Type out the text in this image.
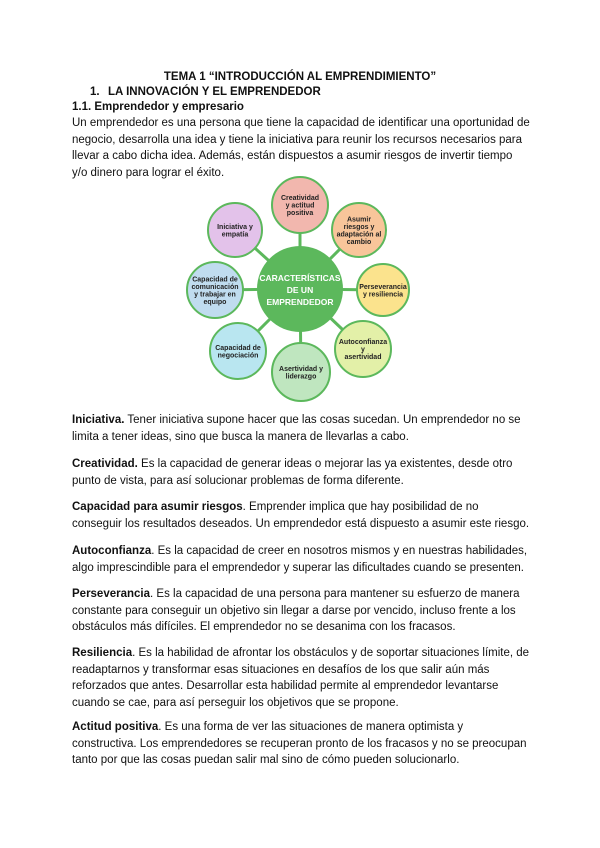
TEMA 1 “INTRODUCCIÓN AL EMPRENDIMIENTO”
1. LA INNOVACIÓN Y EL EMPRENDEDOR
1.1. Emprendedor y empresario

Un emprendedor es una persona que tiene la capacidad de identificar una oportunidad de negocio, desarrolla una idea y tiene la iniciativa para reunir los recursos necesarios para llevar a cabo dicha idea. Además, están dispuestos a asumir riesgos de invertir tiempo y/o dinero para lograr el éxito.

CARACTERÍSTICAS
DE UN
EMPRENDEDOR
Creatividad
y actitud
positiva
Asumir
riesgos y
adaptación al
cambio
Perseverancia
y resiliencia
Autoconfianza
y
asertividad
Asertividad y
liderazgo
Capacidad de
negociación
Capacidad de
comunicación
y trabajar en
equipo
Iniciativa y
empatía

Iniciativa. Tener iniciativa supone hacer que las cosas sucedan. Un emprendedor no se limita a tener ideas, sino que busca la manera de llevarlas a cabo.

Creatividad. Es la capacidad de generar ideas o mejorar las ya existentes, desde otro punto de vista, para así solucionar problemas de forma diferente.

Capacidad para asumir riesgos. Emprender implica que hay posibilidad de no conseguir los resultados deseados. Un emprendedor está dispuesto a asumir este riesgo.

Autoconfianza. Es la capacidad de creer en nosotros mismos y en nuestras habilidades, algo imprescindible para el emprendedor y superar las dificultades cuando se presenten.

Perseverancia. Es la capacidad de una persona para mantener su esfuerzo de manera constante para conseguir un objetivo sin llegar a darse por vencido, incluso frente a los obstáculos más difíciles. El emprendedor no se desanima con los fracasos.

Resiliencia. Es la habilidad de afrontar los obstáculos y de soportar situaciones límite, de readaptarnos y transformar esas situaciones en desafíos de los que salir aún más reforzados que antes. Desarrollar esta habilidad permite al emprendedor levantarse cuando se cae, para así perseguir los objetivos que se propone.

Actitud positiva. Es una forma de ver las situaciones de manera optimista y constructiva. Los emprendedores se recuperan pronto de los fracasos y no se preocupan tanto por que las cosas puedan salir mal sino de cómo pueden solucionarlo.
